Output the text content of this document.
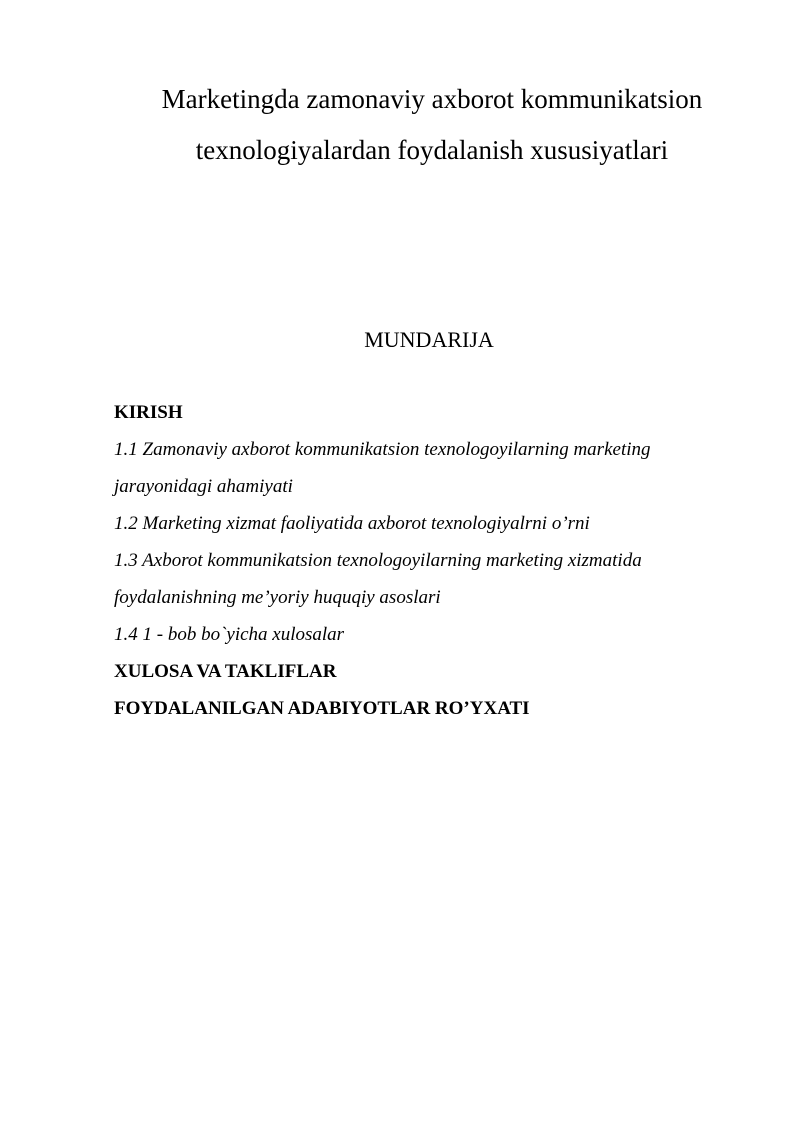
Marketingda zamonaviy axborot kommunikatsion
texnologiyalardan foydalanish xususiyatlari
MUNDARIJA

KIRISH

1.1 Zamonaviy axborot kommunikatsion texnologoyilarning marketing

jarayonidagi ahamiyati

1.2 Marketing xizmat faoliyatida axborot texnologiyalrni o’rni

1.3 Axborot kommunikatsion texnologoyilarning marketing xizmatida

foydalanishning me’yoriy huquqiy asoslari

1.4 1 - bob bo`yicha xulosalar

XULOSA VA TAKLIFLAR

FOYDALANILGAN ADABIYOTLAR RO’YXATI
